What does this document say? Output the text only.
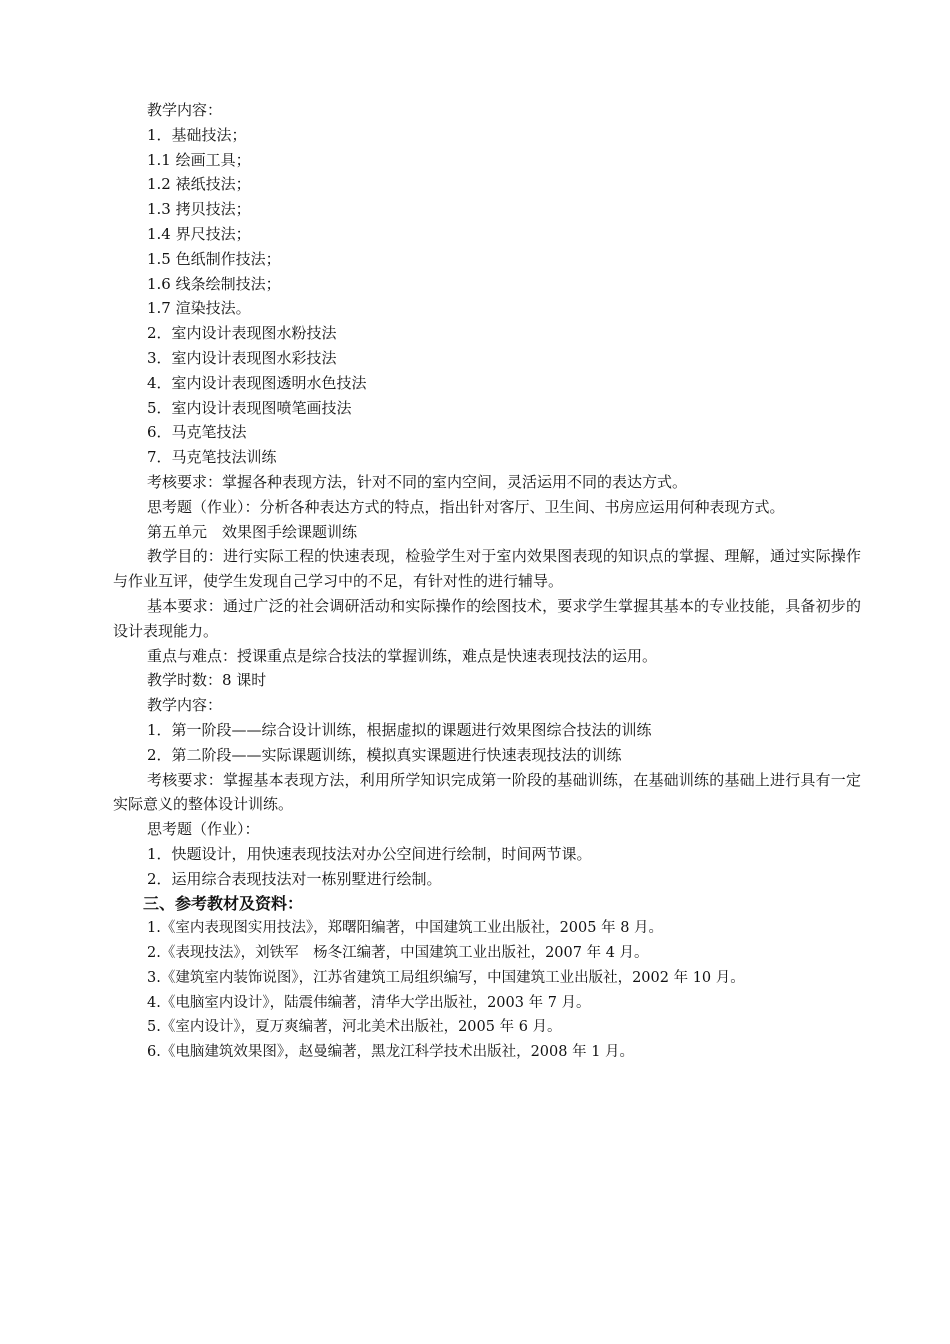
教学内容：

1．基础技法；

1.1 绘画工具；

1.2 裱纸技法；

1.3 拷贝技法；

1.4 界尺技法；

1.5 色纸制作技法；

1.6 线条绘制技法；

1.7 渲染技法。

2．室内设计表现图水粉技法

3．室内设计表现图水彩技法

4．室内设计表现图透明水色技法

5．室内设计表现图喷笔画技法

6．马克笔技法

7．马克笔技法训练

考核要求：掌握各种表现方法，针对不同的室内空间，灵活运用不同的表达方式。

思考题（作业）：分析各种表达方式的特点，指出针对客厅、卫生间、书房应运用何种表现方式。

第五单元　效果图手绘课题训练

教学目的：进行实际工程的快速表现，检验学生对于室内效果图表现的知识点的掌握、理解，通过实际操作与作业互评，使学生发现自己学习中的不足，有针对性的进行辅导。

基本要求：通过广泛的社会调研活动和实际操作的绘图技术，要求学生掌握其基本的专业技能，具备初步的设计表现能力。

重点与难点：授课重点是综合技法的掌握训练，难点是快速表现技法的运用。

教学时数：8 课时

教学内容：

1．第一阶段——综合设计训练，根据虚拟的课题进行效果图综合技法的训练

2．第二阶段——实际课题训练，模拟真实课题进行快速表现技法的训练

考核要求：掌握基本表现方法，利用所学知识完成第一阶段的基础训练，在基础训练的基础上进行具有一定实际意义的整体设计训练。

思考题（作业）：

1．快题设计，用快速表现技法对办公空间进行绘制，时间两节课。

2．运用综合表现技法对一栋别墅进行绘制。

三、参考教材及资料：

1.《室内表现图实用技法》，郑曙阳编著，中国建筑工业出版社，2005 年 8 月。

2.《表现技法》，刘铁军　杨冬江编著，中国建筑工业出版社，2007 年 4 月。

3.《建筑室内装饰说图》，江苏省建筑工局组织编写，中国建筑工业出版社，2002 年 10 月。

4.《电脑室内设计》，陆震伟编著，清华大学出版社，2003 年 7 月。

5.《室内设计》，夏万爽编著，河北美术出版社，2005 年 6 月。

6.《电脑建筑效果图》，赵曼编著，黑龙江科学技术出版社，2008 年 1 月。
